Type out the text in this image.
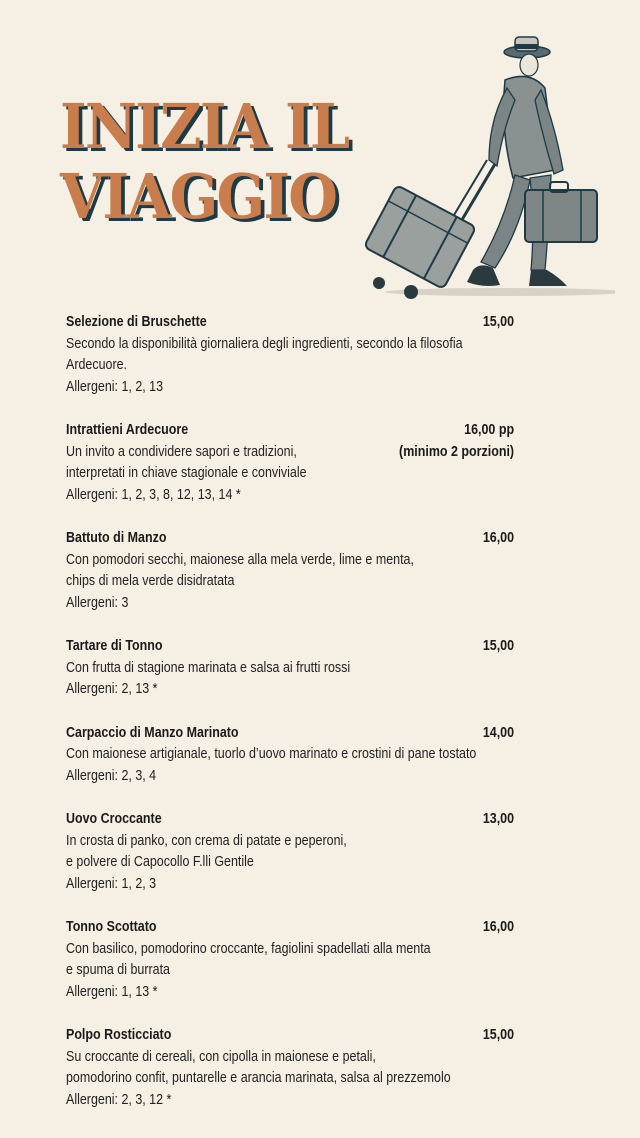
INIZIA IL
VIAGGIO
Selezione di Bruschette	15,00
Secondo la disponibilità giornaliera degli ingredienti, secondo la filosofia
Ardecuore.
Allergeni: 1, 2, 13
Intrattieni Ardecuore	16,00 pp
(minimo 2 porzioni)
Un invito a condividere sapori e tradizioni,
interpretati in chiave stagionale e conviviale
Allergeni: 1, 2, 3, 8, 12, 13, 14 *
Battuto di Manzo	16,00
Con pomodori secchi, maionese alla mela verde, lime e menta,
chips di mela verde disidratata
Allergeni: 3
Tartare di Tonno	15,00
Con frutta di stagione marinata e salsa ai frutti rossi
Allergeni: 2, 13 *
Carpaccio di Manzo Marinato	14,00
Con maionese artigianale, tuorlo d’uovo marinato e crostini di pane tostato
Allergeni: 2, 3, 4
Uovo Croccante	13,00
In crosta di panko, con crema di patate e peperoni,
e polvere di Capocollo F.lli Gentile
Allergeni: 1, 2, 3
Tonno Scottato	16,00
Con basilico, pomodorino croccante, fagiolini spadellati alla menta
e spuma di burrata
Allergeni: 1, 13 *
Polpo Rosticciato	15,00
Su croccante di cereali, con cipolla in maionese e petali,
pomodorino confit, puntarelle e arancia marinata, salsa al prezzemolo
Allergeni: 2, 3, 12 *
